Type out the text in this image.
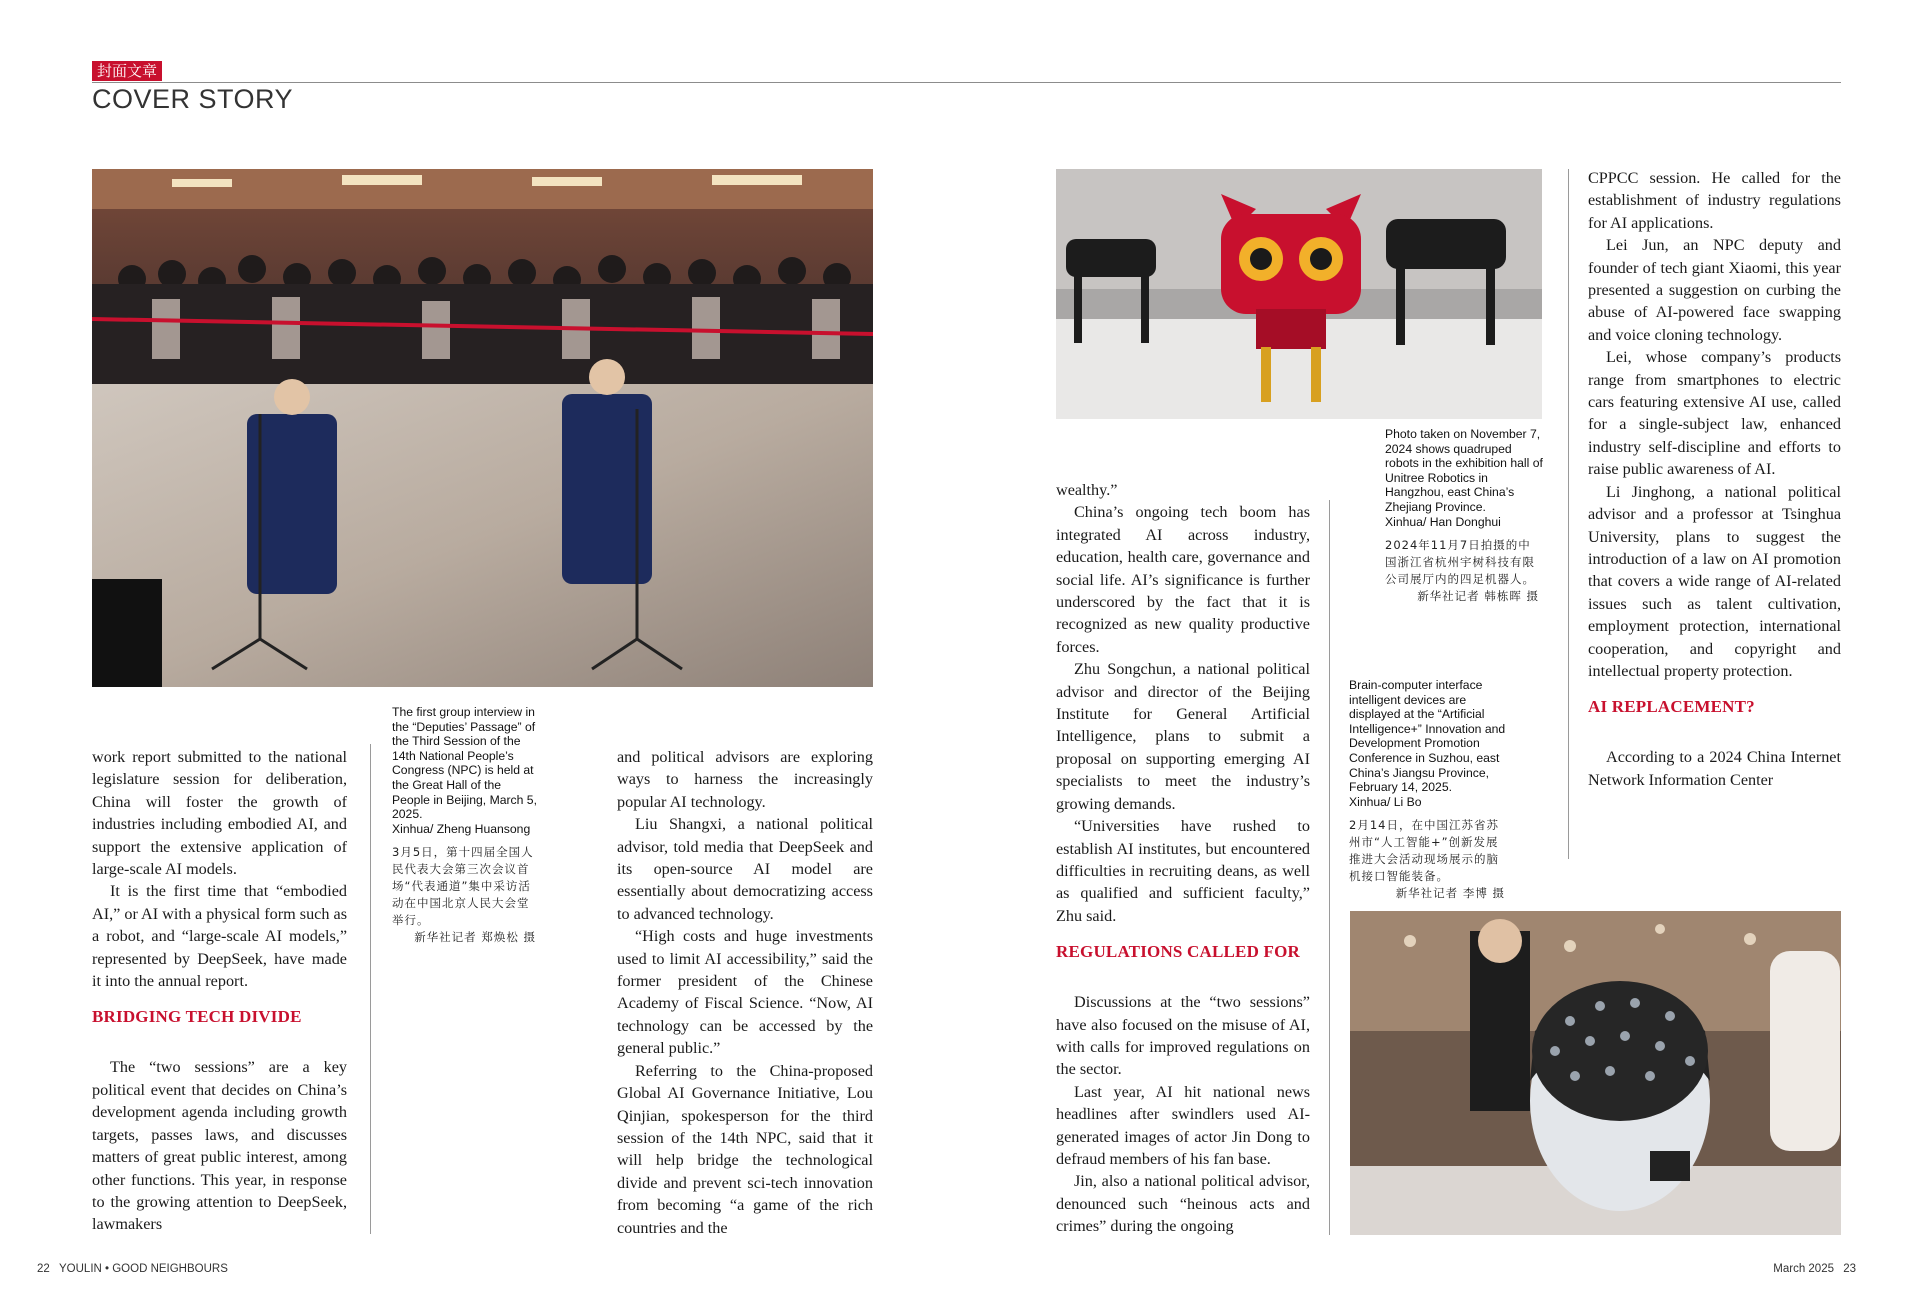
封面文章
COVER STORY
The first group interview in the “Deputies’ Passage” of the Third Session of the 14th National People’s Congress (NPC) is held at the Great Hall of the People in Beijing, March 5, 2025.
Xinhua/ Zheng Huansong
3月5日，第十四届全国人民代表大会第三次会议首场“代表通道”集中采访活动在中国北京人民大会堂举行。
新华社记者 郑焕松 摄

work report submitted to the national legislature session for deliberation, China will foster the growth of industries including embodied AI, and support the extensive application of large-scale AI models.

It is the first time that “embodied AI,” or AI with a physical form such as a robot, and “large-scale AI models,” represented by DeepSeek, have made it into the annual report.

BRIDGING TECH DIVIDE

The “two sessions” are a key political event that decides on China’s development agenda including growth targets, passes laws, and discusses matters of great public interest, among other functions. This year, in response to the growing attention to DeepSeek, lawmakers

and political advisors are exploring ways to harness the increasingly popular AI technology.

Liu Shangxi, a national political advisor, told media that DeepSeek and its open-source AI model are essentially about democratizing access to advanced technology.

“High costs and huge investments used to limit AI accessibility,” said the former president of the Chinese Academy of Fiscal Science. “Now, AI technology can be accessed by the general public.”

Referring to the China-proposed Global AI Governance Initiative, Lou Qinjian, spokesperson for the third session of the 14th NPC, said that it will help bridge the technological divide and prevent sci-tech innovation from becoming “a game of the rich countries and the

Photo taken on November 7, 2024 shows quadruped robots in the exhibition hall of Unitree Robotics in Hangzhou, east China’s Zhejiang Province.
Xinhua/ Han Donghui
2024年11月7日拍摄的中国浙江省杭州宇树科技有限公司展厅内的四足机器人。
新华社记者 韩栋晖 摄

wealthy.”

China’s ongoing tech boom has integrated AI across industry, education, health care, governance and social life. AI’s significance is further underscored by the fact that it is recognized as new quality productive forces.

Zhu Songchun, a national political advisor and director of the Beijing Institute for General Artificial Intelligence, plans to submit a proposal on supporting emerging AI specialists to meet the industry’s growing demands.

“Universities have rushed to establish AI institutes, but encountered difficulties in recruiting deans, as well as qualified and sufficient faculty,” Zhu said.

REGULATIONS CALLED FOR

Discussions at the “two sessions” have also focused on the misuse of AI, with calls for improved regulations on the sector.

Last year, AI hit national news headlines after swindlers used AI-generated images of actor Jin Dong to defraud members of his fan base.

Jin, also a national political advisor, denounced such “heinous acts and crimes” during the ongoing

Brain-computer interface intelligent devices are displayed at the “Artificial Intelligence+” Innovation and Development Promotion Conference in Suzhou, east China’s Jiangsu Province, February 14, 2025.
Xinhua/ Li Bo
2月14日，在中国江苏省苏州市“人工智能+”创新发展推进大会活动现场展示的脑机接口智能装备。
新华社记者 李博 摄

CPPCC session. He called for the establishment of industry regulations for AI applications.

Lei Jun, an NPC deputy and founder of tech giant Xiaomi, this year presented a suggestion on curbing the abuse of AI-powered face swapping and voice cloning technology.

Lei, whose company’s products range from smartphones to electric cars featuring extensive AI use, called for a single-subject law, enhanced industry self-discipline and efforts to raise public awareness of AI.

Li Jinghong, a national political advisor and a professor at Tsinghua University, plans to suggest the introduction of a law on AI promotion that covers a wide range of AI-related issues such as talent cultivation, employment protection, international cooperation, and copyright and intellectual property protection.

AI REPLACEMENT?

According to a 2024 China Internet Network Information Center

22 YOULIN • GOOD NEIGHBOURS	March 2025 23
